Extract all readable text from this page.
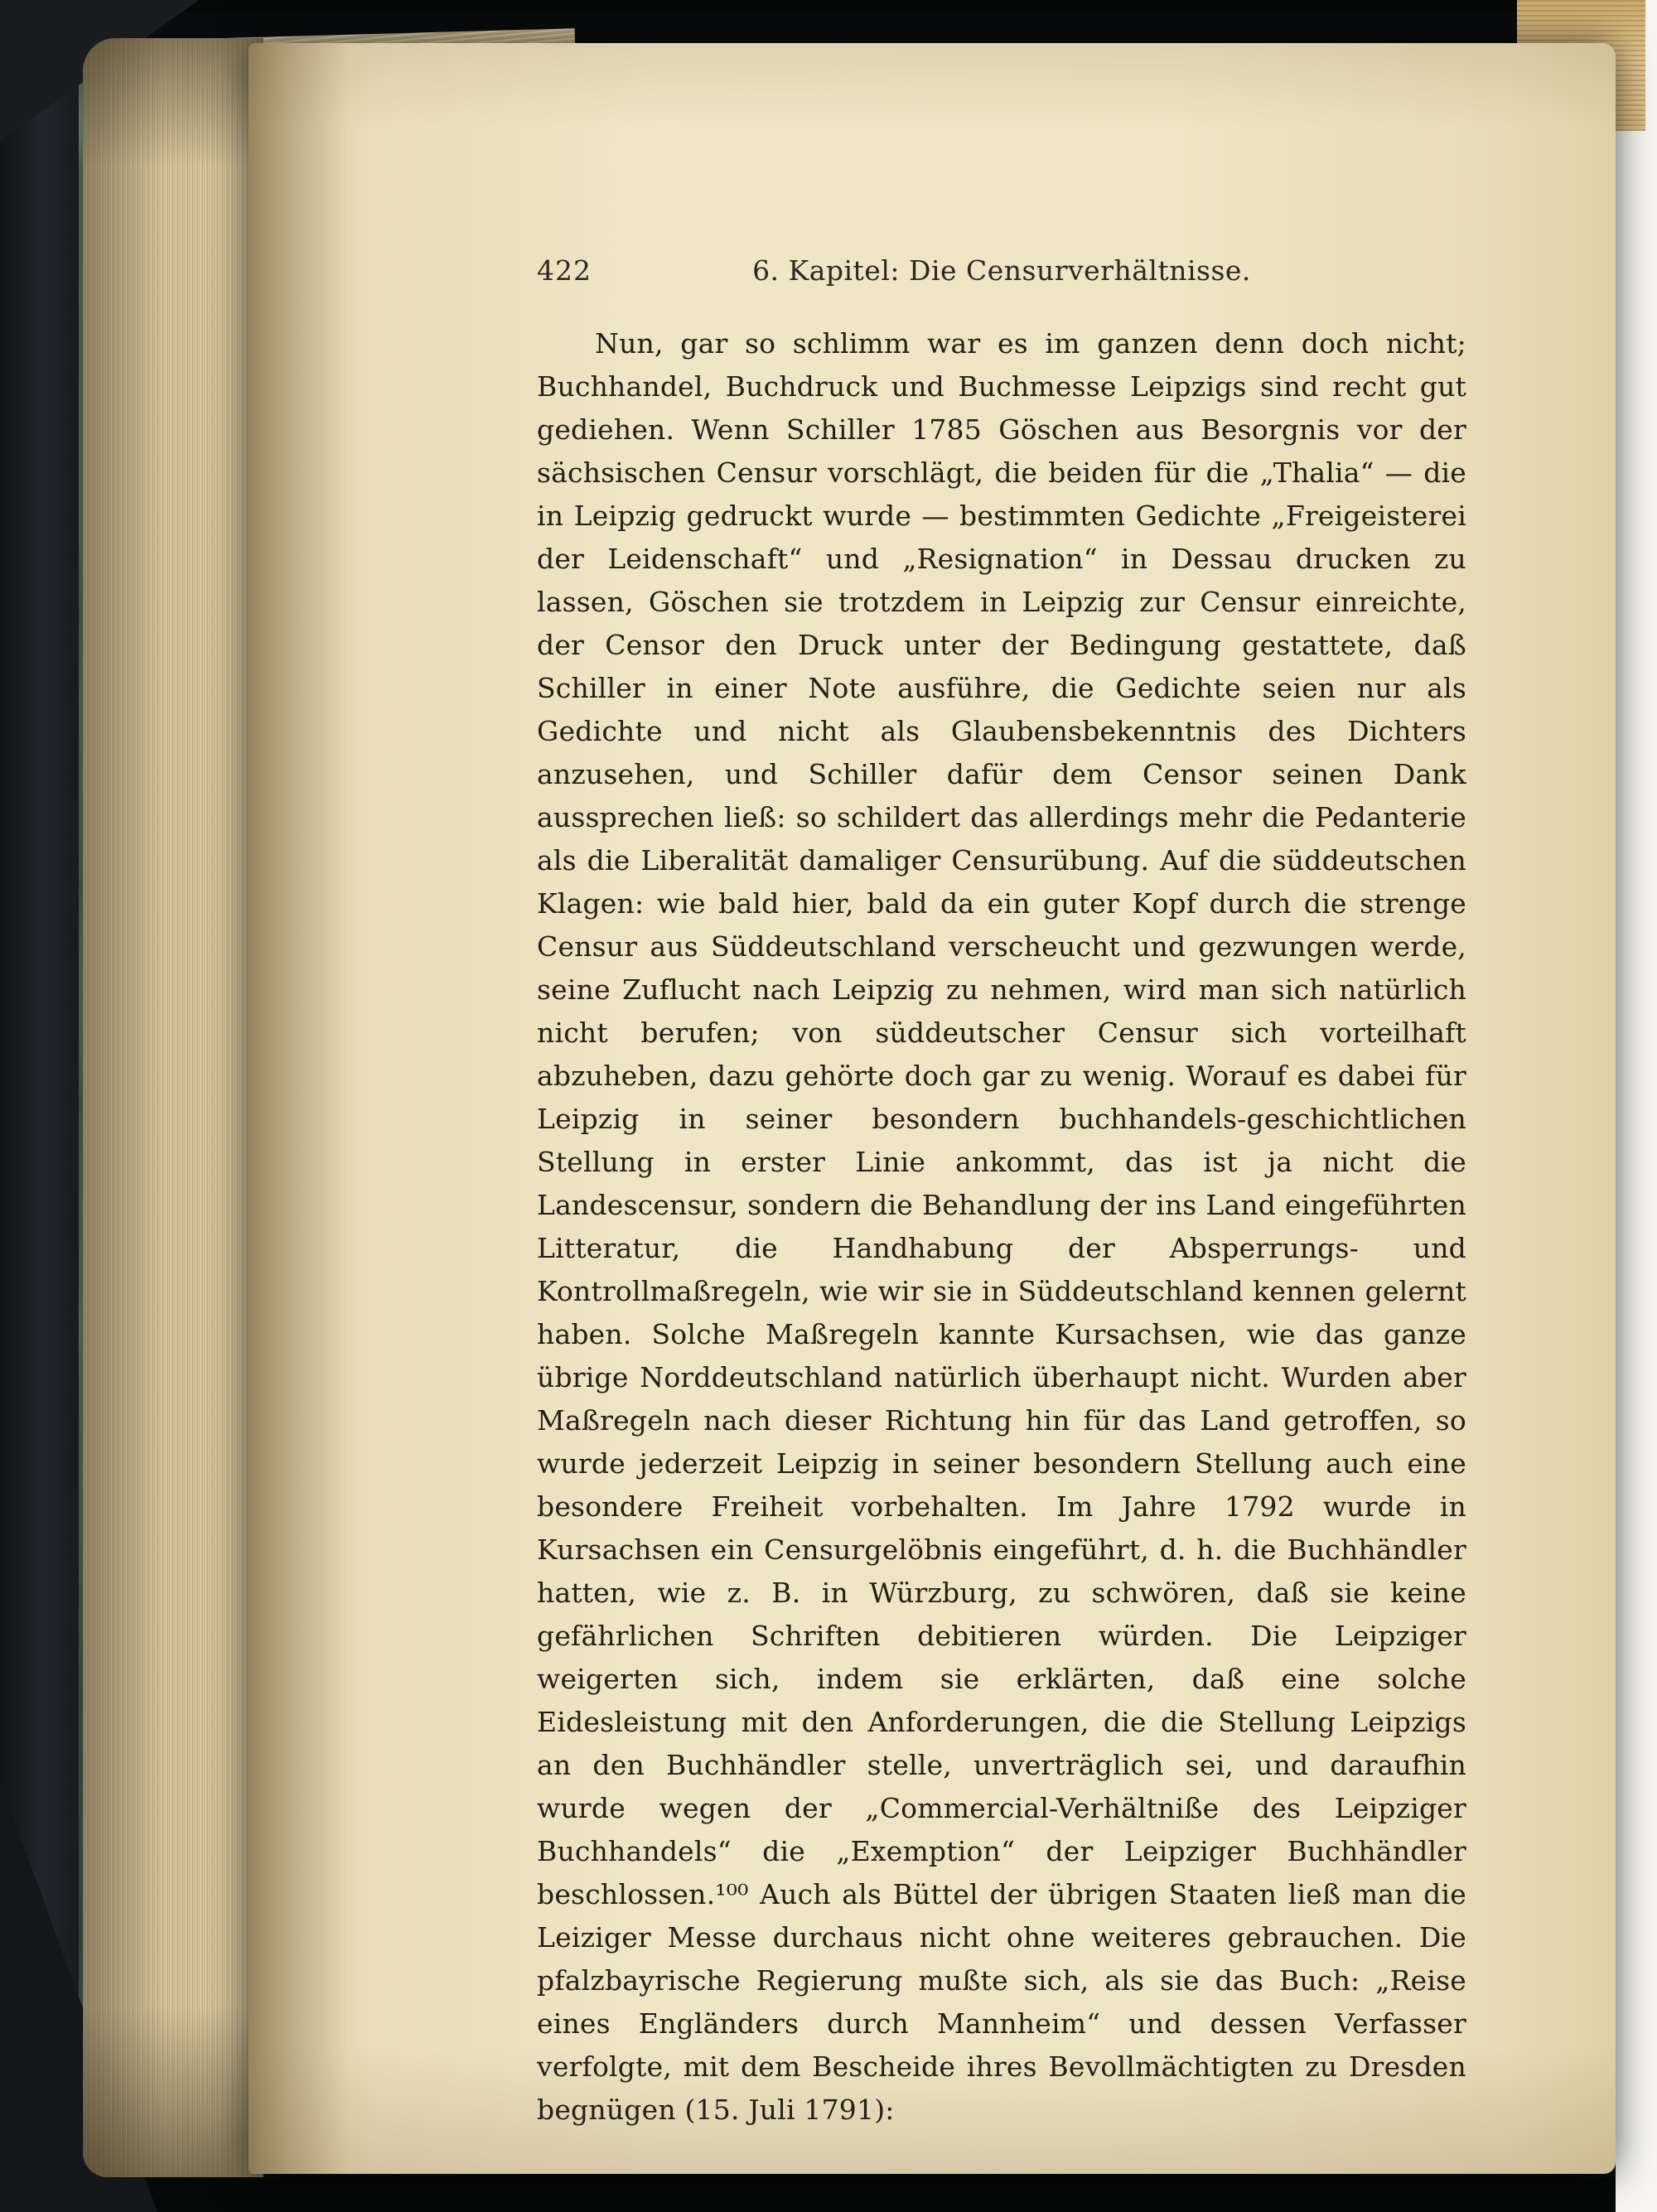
422	6. Kapitel: Die Censurverhältnisse.

Nun, gar so schlimm war es im ganzen denn doch nicht; Buchhandel, Buchdruck und Buchmesse Leipzigs sind recht gut gediehen. Wenn Schiller 1785 Göschen aus Besorgnis vor der sächsischen Censur vorschlägt, die beiden für die „Thalia“ — die in Leipzig gedruckt wurde — bestimmten Gedichte „Freigeisterei der Leidenschaft“ und „Resignation“ in Dessau drucken zu lassen, Göschen sie trotzdem in Leipzig zur Censur einreichte, der Censor den Druck unter der Bedingung gestattete, daß Schiller in einer Note ausführe, die Gedichte seien nur als Gedichte und nicht als Glaubensbekenntnis des Dichters anzusehen, und Schiller dafür dem Censor seinen Dank aussprechen ließ: so schildert das allerdings mehr die Pedanterie als die Liberalität damaliger Censurübung. Auf die süddeutschen Klagen: wie bald hier, bald da ein guter Kopf durch die strenge Censur aus Süddeutschland verscheucht und gezwungen werde, seine Zuflucht nach Leipzig zu nehmen, wird man sich natürlich nicht berufen; von süddeutscher Censur sich vorteilhaft abzuheben, dazu gehörte doch gar zu wenig. Worauf es dabei für Leipzig in seiner besondern buchhandels-geschichtlichen Stellung in erster Linie ankommt, das ist ja nicht die Landescensur, sondern die Behandlung der ins Land eingeführten Litteratur, die Handhabung der Absperrungs- und Kontrollmaßregeln, wie wir sie in Süddeutschland kennen gelernt haben. Solche Maßregeln kannte Kursachsen, wie das ganze übrige Norddeutschland natürlich überhaupt nicht. Wurden aber Maßregeln nach dieser Richtung hin für das Land getroffen, so wurde jederzeit Leipzig in seiner besondern Stellung auch eine besondere Freiheit vorbehalten. Im Jahre 1792 wurde in Kursachsen ein Censurgelöbnis eingeführt, d. h. die Buchhändler hatten, wie z. B. in Würzburg, zu schwören, daß sie keine gefährlichen Schriften debitieren würden. Die Leipziger weigerten sich, indem sie erklärten, daß eine solche Eidesleistung mit den Anforderungen, die die Stellung Leipzigs an den Buchhändler stelle, unverträglich sei, und daraufhin wurde wegen der „Commercial-Verhältniße des Leipziger Buchhandels“ die „Exemption“ der Leipziger Buchhändler beschlossen.¹⁰⁰ Auch als Büttel der übrigen Staaten ließ man die Leiziger Messe durchaus nicht ohne weiteres gebrauchen. Die pfalzbayrische Regierung mußte sich, als sie das Buch: „Reise eines Engländers durch Mannheim“ und dessen Verfasser verfolgte, mit dem Bescheide ihres Bevollmächtigten zu Dresden begnügen (15. Juli 1791):
